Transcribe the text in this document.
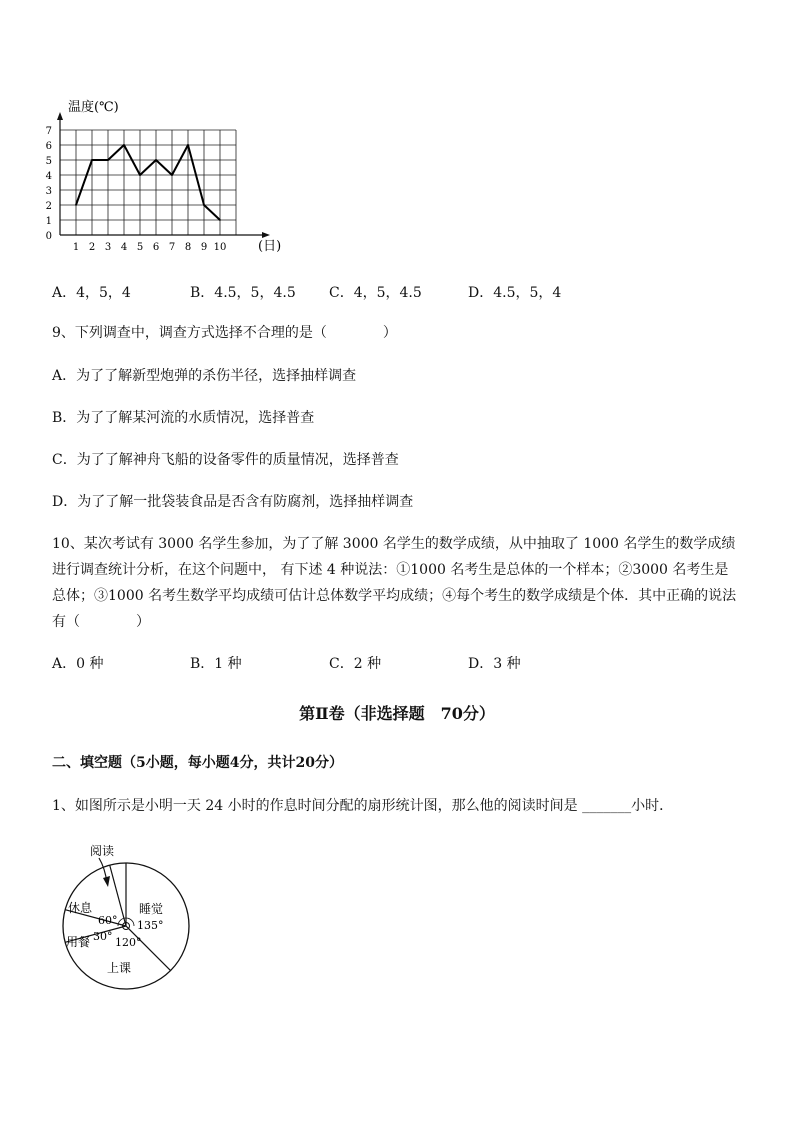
温度(℃)
(日)
0
1
2
3
4
5
6
7
1 2 3 4 5 6 7 8 9 10
A．4，5，4	B．4.5，5，4.5 C．4，5，4.5	D．4.5，5，4
9、下列调查中，调查方式选择不合理的是（　　　　）
A．为了了解新型炮弹的杀伤半径，选择抽样调查
B．为了了解某河流的水质情况，选择普查
C．为了了解神舟飞船的设备零件的质量情况，选择普查
D．为了了解一批袋装食品是否含有防腐剂，选择抽样调查
10、某次考试有 3000 名学生参加，为了了解 3000 名学生的数学成绩，从中抽取了 1000 名学生的数学成绩进行调查统计分析，在这个问题中， 有下述 4 种说法：①1000 名考生是总体的一个样本；②3000 名考生是总体；③1000 名考生数学平均成绩可估计总体数学平均成绩；④每个考生的数学成绩是个体．其中正确的说法有（　　　　）
A．0 种	B．1 种	C．2 种	D．3 种
第Ⅱ卷（非选择题　70分）
二、填空题（5小题，每小题4分，共计20分）
1、如图所示是小明一天 24 小时的作息时间分配的扇形统计图，那么他的阅读时间是 _______小时．
阅读
休息	睡觉
用餐
上课
60° 135°
30° 120°
